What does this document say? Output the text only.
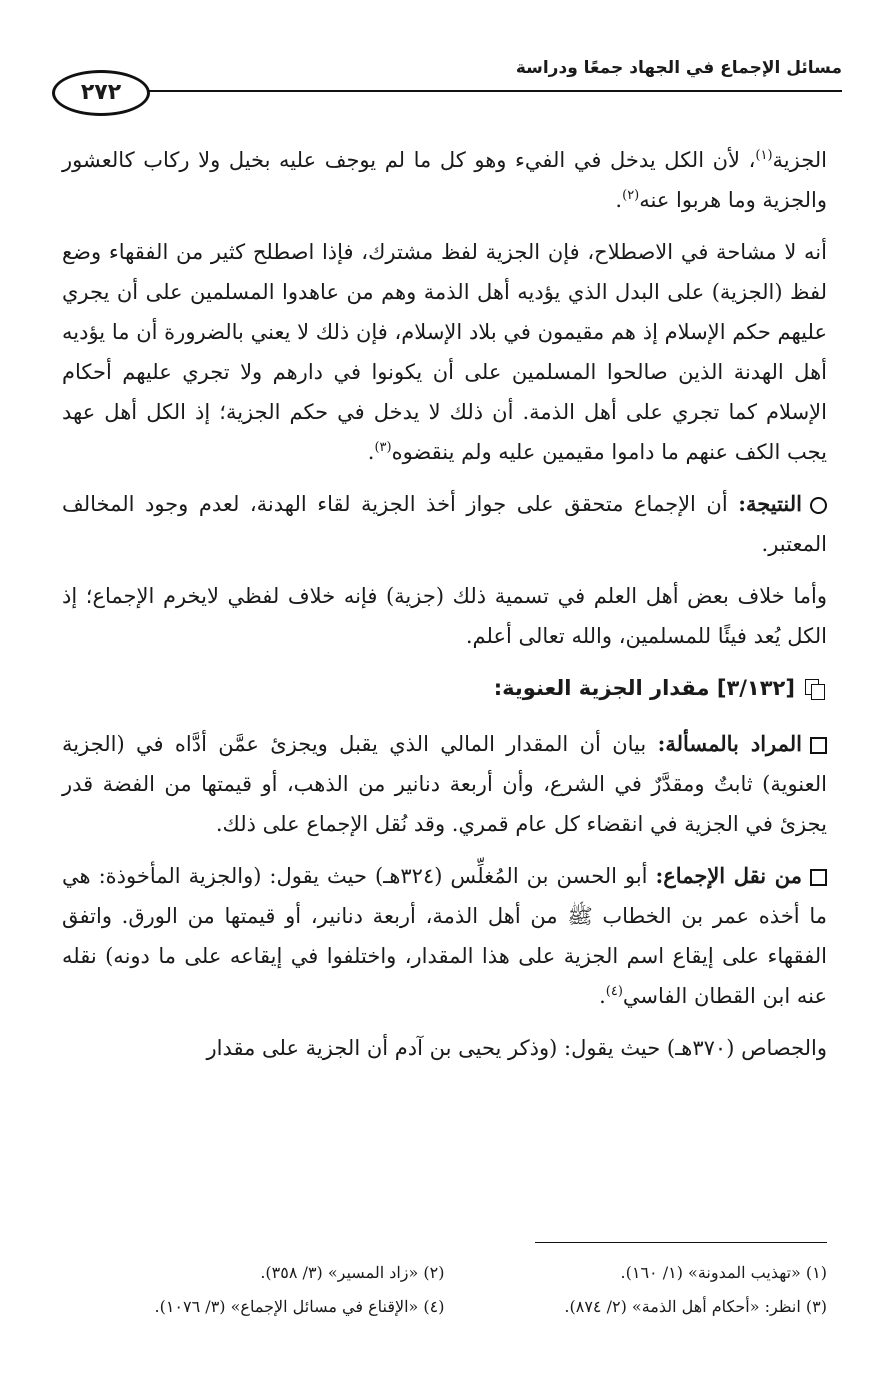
مسائل الإجماع في الجهاد جمعًا ودراسة
٢٧٢

الجزية$^{(١)}$، لأن الكل يدخل في الفيء وهو كل ما لم يوجف عليه بخيل ولا ركاب كالعشور والجزية وما هربوا عنه$^{(٢)}$.

أنه لا مشاحة في الاصطلاح، فإن الجزية لفظ مشترك، فإذا اصطلح كثير من الفقهاء وضع لفظ (الجزية) على البدل الذي يؤديه أهل الذمة وهم من عاهدوا المسلمين على أن يجري عليهم حكم الإسلام إذ هم مقيمون في بلاد الإسلام، فإن ذلك لا يعني بالضرورة أن ما يؤديه أهل الهدنة الذين صالحوا المسلمين على أن يكونوا في دارهم ولا تجري عليهم أحكام الإسلام كما تجري على أهل الذمة. أن ذلك لا يدخل في حكم الجزية؛ إذ الكل أهل عهد يجب الكف عنهم ما داموا مقيمين عليه ولم ينقضوه$^{(٣)}$.

النتيجة: أن الإجماع متحقق على جواز أخذ الجزية لقاء الهدنة، لعدم وجود المخالف المعتبر.

وأما خلاف بعض أهل العلم في تسمية ذلك (جزية) فإنه خلاف لفظي لايخرم الإجماع؛ إذ الكل يُعد فيئًا للمسلمين، والله تعالى أعلم.

[٣/١٣٢] مقدار الجزية العنوية:

المراد بالمسألة: بيان أن المقدار المالي الذي يقبل ويجزئ عمَّن أدَّاه في (الجزية العنوية) ثابتٌ ومقدَّرٌ في الشرع، وأن أربعة دنانير من الذهب، أو قيمتها من الفضة قدر يجزئ في الجزية في انقضاء كل عام قمري. وقد نُقل الإجماع على ذلك.

من نقل الإجماع: أبو الحسن بن المُغلِّس (٣٢٤هـ) حيث يقول: (والجزية المأخوذة: هي ما أخذه عمر بن الخطاب ﷺ من أهل الذمة، أربعة دنانير، أو قيمتها من الورق. واتفق الفقهاء على إيقاع اسم الجزية على هذا المقدار، واختلفوا في إيقاعه على ما دونه) نقله عنه ابن القطان الفاسي$^{(٤)}$.

والجصاص (٣٧٠هـ) حيث يقول: (وذكر يحيى بن آدم أن الجزية على مقدار

(١) «تهذيب المدونة» (١/ ١٦٠).
(٢) «زاد المسير» (٣/ ٣٥٨).
(٣) انظر: «أحكام أهل الذمة» (٢/ ٨٧٤).
(٤) «الإقناع في مسائل الإجماع» (٣/ ١٠٧٦).
